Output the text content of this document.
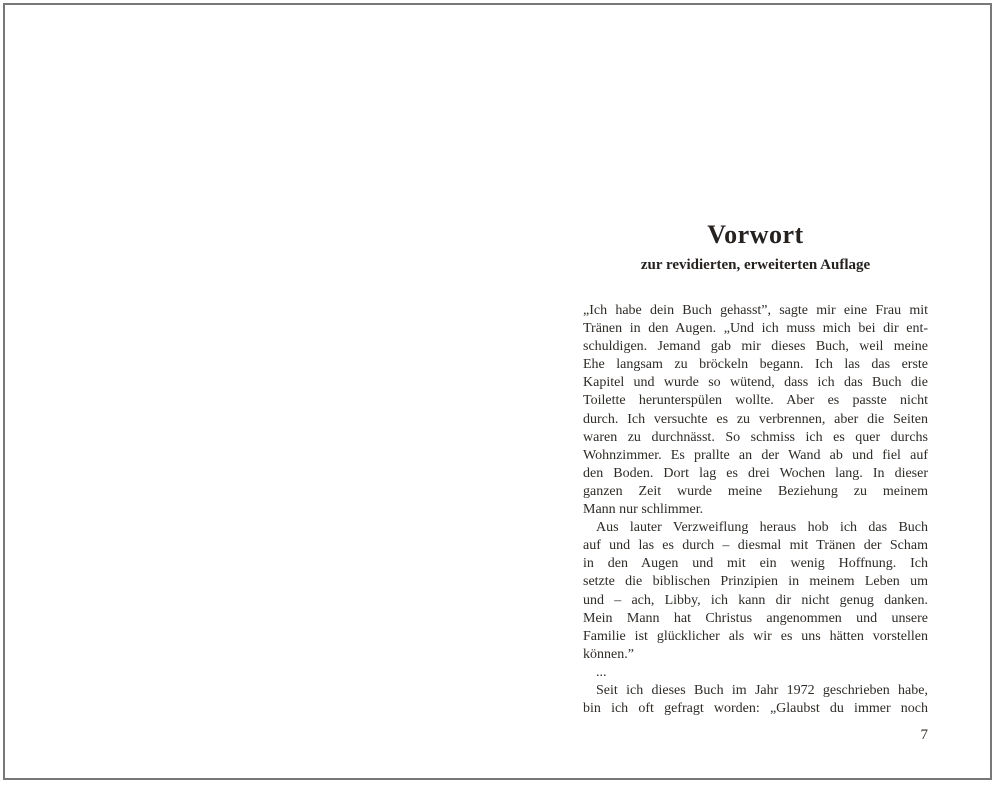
Vorwort
zur revidierten, erweiterten Auflage
„Ich habe dein Buch gehasst”, sagte mir eine Frau mit
Tränen in den Augen. „Und ich muss mich bei dir ent-
schuldigen. Jemand gab mir dieses Buch, weil meine
Ehe langsam zu bröckeln begann. Ich las das erste
Kapitel und wurde so wütend, dass ich das Buch die
Toilette herunterspülen wollte. Aber es passte nicht
durch. Ich versuchte es zu verbrennen, aber die Seiten
waren zu durchnässt. So schmiss ich es quer durchs
Wohnzimmer. Es prallte an der Wand ab und fiel auf
den Boden. Dort lag es drei Wochen lang. In dieser
ganzen Zeit wurde meine Beziehung zu meinem
Mann nur schlimmer.
Aus lauter Verzweiflung heraus hob ich das Buch
auf und las es durch – diesmal mit Tränen der Scham
in den Augen und mit ein wenig Hoffnung. Ich
setzte die biblischen Prinzipien in meinem Leben um
und – ach, Libby, ich kann dir nicht genug danken.
Mein Mann hat Christus angenommen und unsere
Familie ist glücklicher als wir es uns hätten vorstellen
können.”
...
Seit ich dieses Buch im Jahr 1972 geschrieben habe,
bin ich oft gefragt worden: „Glaubst du immer noch
7
